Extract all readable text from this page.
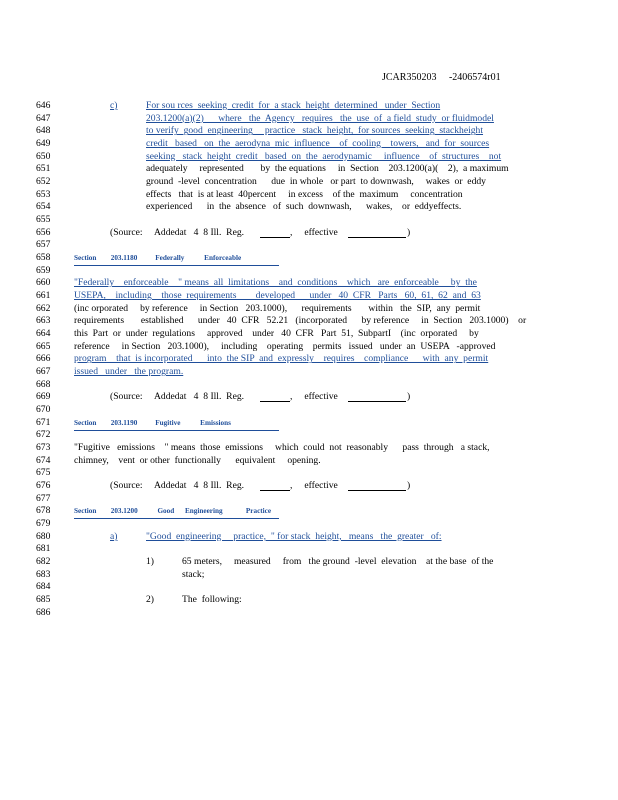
JCAR350203 -2406574r01
646	c)	For sou rces  seeking  credit  for  a stack  height  determined   under  Section
647	203.1200(a)(2)      where   the  Agency   requires   the  use  of  a field  study  or fluidmodel
648	to verify  good  engineering     practice   stack  height,  for sources  seeking  stackheight
649	credit   based   on  the  aerodyna  mic  influence    of  cooling    towers,   and  for  sources
650	seeking   stack  height  credit   based  on  the  aerodynamic     influence    of  structures    not
651	adequately     represented       by  the equations     in  Section    203.1200(a)(    2),  a maximum
652	ground  -level  concentration      due  in whole   or part  to downwash,     wakes  or  eddy
653	effects   that  is at least  40percent     in excess    of the  maximum     concentration
654	experienced      in  the  absence   of  such  downwash,      wakes,    or  eddyeffects.
655
656	(Source:     Addedat   4  8 Ill.  Reg.	,     effective	)
657
658	Section        203.1180          Federally           Enforceable
659
660	"Federally    enforceable    " means  all  limitations    and  conditions    which   are  enforceable     by  the
661	USEPA,    including    those  requirements        developed      under   40  CFR   Parts   60,  61,  62  and  63
662	(inc orporated     by reference     in Section   203.1000),      requirements       within   the  SIP,  any  permit
663	requirements       established      under   40  CFR   52.21   (incorporated      by reference     in  Section   203.1000)    or
664	this  Part  or  under  regulations     approved    under   40  CFR   Part  51,  SubpartI    (inc  orporated     by
665	reference     in Section   203.1000),     including    operating    permits   issued   under  an  USEPA   -approved
666	program    that  is incorporated      into  the SIP  and  expressly    requires    compliance      with  any  permit
667	issued   under   the program.
668
669	(Source:     Addedat   4  8 Ill.  Reg.	,     effective	)
670
671	Section        203.1190          Fugitive           Emissions
672
673	"Fugitive   emissions    " means  those  emissions     which  could  not  reasonably      pass  through   a stack,
674	chimney,    vent  or other  functionally      equivalent     opening.
675
676	(Source:     Addedat   4  8 Ill.  Reg.	,     effective	)
677
678	Section        203.1200           Good      Engineering             Practice
679
680	a)	"Good  engineering     practice,  " for stack  height,   means   the  greater   of:
681
682	1)	65 meters,     measured     from   the ground  -level  elevation    at the base  of the
683	stack;
684
685	2)	The  following:
686
